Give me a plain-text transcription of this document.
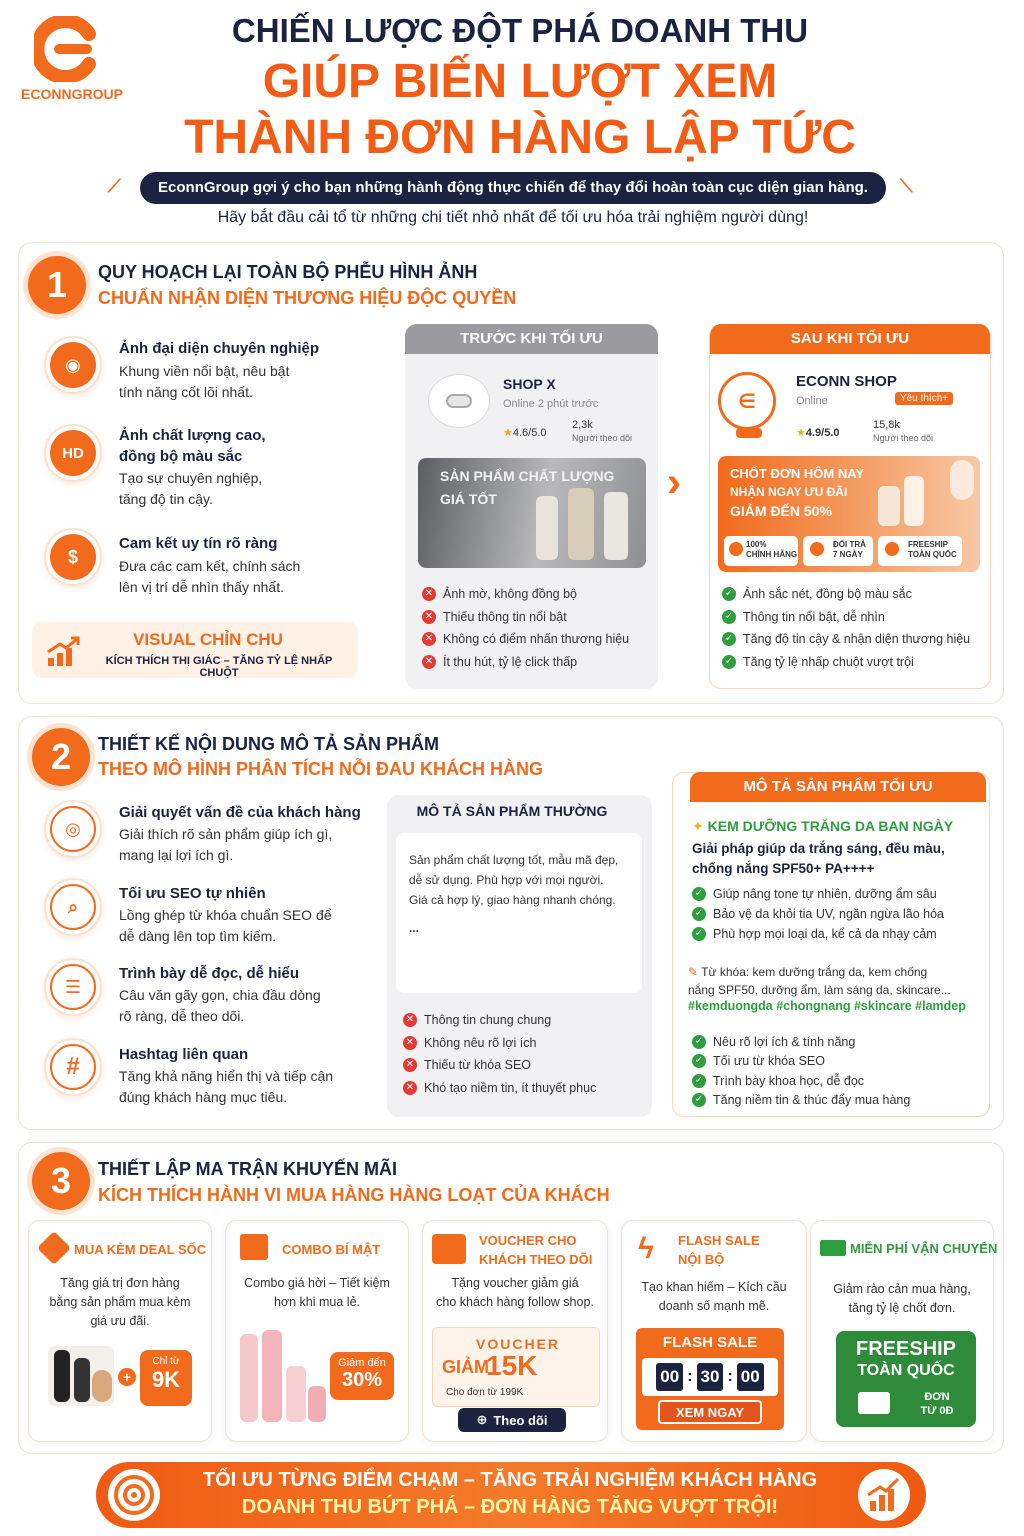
ECONNGROUP
CHIẾN LƯỢC ĐỘT PHÁ DOANH THU
GIÚP BIẾN LƯỢT XEM
THÀNH ĐƠN HÀNG LẬP TỨC
⟋	⟍
EconnGroup gợi ý cho bạn những hành động thực chiến để thay đổi hoàn toàn cục diện gian hàng.
Hãy bắt đầu cải tổ từ những chi tiết nhỏ nhất để tối ưu hóa trải nghiệm người dùng!
1	QUY HOẠCH LẠI TOÀN BỘ PHỄU HÌNH ẢNH
CHUẨN NHẬN DIỆN THƯƠNG HIỆU ĐỘC QUYỀN
◉
Ảnh đại diện chuyên nghiệp
Khung viền nổi bật, nêu bật
tính năng cốt lõi nhất.
HD
Ảnh chất lượng cao,
đồng bộ màu sắc
Tạo sự chuyên nghiệp,
tăng độ tin cậy.
$
Cam kết uy tín rõ ràng
Đưa các cam kết, chính sách
lên vị trí dễ nhìn thấy nhất.
VISUAL CHỈN CHU
KÍCH THÍCH THỊ GIÁC – TĂNG TỶ LỆ NHẤP CHUỘT
TRƯỚC KHI TỐI ƯU
SHOP X
Online 2 phút trước
★4.6/5.0
2,3k
Người theo dõi
SẢN PHẨM CHẤT LƯỢNG
GIÁ TỐT
✕ Ảnh mờ, không đồng bộ
✕ Thiếu thông tin nổi bật
✕ Không có điểm nhấn thương hiệu
✕ Ít thu hút, tỷ lệ click thấp
SAU KHI TỐI ƯU
∈
ECONN SHOP
Online	Yêu thích+
★4.9/5.0
15,8k
Người theo dõi
CHỐT ĐƠN HÔM NAY
NHẬN NGAY ƯU ĐÃI
GIẢM ĐẾN 50%
100%
CHÍNH HÃNG
ĐỔI TRẢ
7 NGÀY
FREESHIP
TOÀN QUỐC
✓ Ảnh sắc nét, đồng bộ màu sắc
✓ Thông tin nổi bật, dễ nhìn
✓ Tăng độ tin cậy & nhận diện thương hiệu
✓ Tăng tỷ lệ nhấp chuột vượt trội
2	THIẾT KẾ NỘI DUNG MÔ TẢ SẢN PHẨM
THEO MÔ HÌNH PHÂN TÍCH NỖI ĐAU KHÁCH HÀNG
◎
Giải quyết vấn đề của khách hàng
Giải thích rõ sản phẩm giúp ích gì,
mang lại lợi ích gì.
⌕
Tối ưu SEO tự nhiên
Lồng ghép từ khóa chuẩn SEO để
dễ dàng lên top tìm kiếm.
☰
Trình bày dễ đọc, dễ hiểu
Câu văn gãy gọn, chia đầu dòng
rõ ràng, dễ theo dõi.
#	Hashtag liên quan
Tăng khả năng hiển thị và tiếp cận
đúng khách hàng mục tiêu.
MÔ TẢ SẢN PHẨM THƯỜNG
Sản phẩm chất lượng tốt, mẫu mã đẹp,
dễ sử dụng. Phù hợp với mọi người.
Giá cả hợp lý, giao hàng nhanh chóng.
...
✕ Thông tin chung chung
✕ Không nêu rõ lợi ích
✕ Thiếu từ khóa SEO
✕ Khó tạo niềm tin, ít thuyết phục
MÔ TẢ SẢN PHẨM TỐI ƯU
✦ KEM DƯỠNG TRẮNG DA BAN NGÀY
Giải pháp giúp da trắng sáng, đều màu,
chống nắng SPF50+ PA++++
✓ Giúp nâng tone tự nhiên, dưỡng ẩm sâu
✓ Bảo vệ da khỏi tia UV, ngăn ngừa lão hóa
✓ Phù hợp mọi loại da, kể cả da nhạy cảm
✎ Từ khóa: kem dưỡng trắng da, kem chống
nắng SPF50, dưỡng ẩm, làm sáng da, skincare...
#kemduongda #chongnang #skincare #lamdep
✓ Nêu rõ lợi ích & tính năng
✓ Tối ưu từ khóa SEO
✓ Trình bày khoa học, dễ đọc
✓ Tăng niềm tin & thúc đẩy mua hàng
3	THIẾT LẬP MA TRẬN KHUYẾN MÃI
KÍCH THÍCH HÀNH VI MUA HÀNG HÀNG LOẠT CỦA KHÁCH
MUA KÈM DEAL SỐC
Tăng giá trị đơn hàng
bằng sản phẩm mua kèm
giá ưu đãi.
+
Chỉ từ
9K
COMBO BÍ MẬT
Combo giá hời – Tiết kiệm
hơn khi mua lẻ.
Giảm đến
30%
VOUCHER CHO
KHÁCH THEO DÕI
Tặng voucher giảm giá
cho khách hàng follow shop.
VOUCHER
GIẢM
15K
Cho đơn từ 199K
⊕ Theo dõi
ϟ FLASH SALE
NỘI BỘ
Tạo khan hiếm – Kích cầu
doanh số mạnh mẽ.
FLASH SALE
00 : 30 : 00
XEM NGAY
MIỄN PHÍ VẬN CHUYỂN
Giảm rào cản mua hàng,
tăng tỷ lệ chốt đơn.
FREESHIP
TOÀN QUỐC
ĐƠN
TỪ 0Đ
TỐI ƯU TỪNG ĐIỂM CHẠM – TĂNG TRẢI NGHIỆM KHÁCH HÀNG
DOANH THU BỨT PHÁ – ĐƠN HÀNG TĂNG VƯỢT TRỘI!
